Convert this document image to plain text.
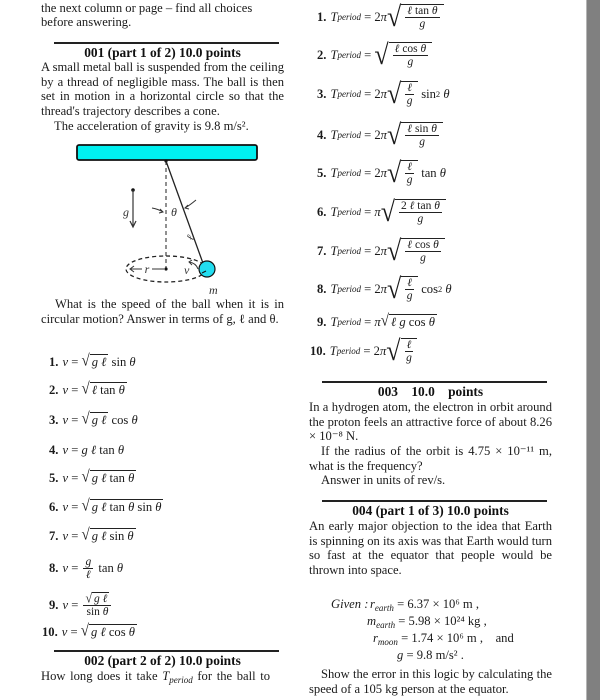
the next column or page – find all choices
before answering.
001 (part 1 of 2) 10.0 points
A small metal ball is suspended from the ceiling by a thread of negligible mass. The ball is then set in motion in a horizontal circle so that the thread's trajectory describes a cone.
The acceleration of gravity is 9.8 m/s².
r
g	θ
ℓ
v
m
What is the speed of the ball when it is in circular motion? Answer in terms of g, ℓ and θ.
1. v = √ g ℓ sin θ
2. v = √ ℓ tan θ
3. v = √ g ℓ cos θ
4. v = g ℓ tan θ
5. v = √ g ℓ tan θ
6. v = √ g ℓ tan θ sin θ
7. v = √ g ℓ sin θ
8. $v = \frac{g}{\text{ℓ}}$ tan θ
9. $v = \frac{\text{√ g ℓ}}{\text{sin θ}}$
10. v = √ g ℓ cos θ
002 (part 2 of 2) 10.0 points
How long does it take $T_{period}$ for the ball to
1. T period = 2 π √ $\frac{\text{ℓ tan θ}}{g}$
2. T period = √ $\frac{\text{ℓ cos θ}}{g}$
3. T period = 2 π √ $\frac{\text{ℓ}}{g}$ sin 2
θ
4. T period = 2 π √ $\frac{\text{ℓ sin θ}}{g}$
5. T period = 2 π √ $\frac{\text{ℓ}}{g}$ tan θ
6. T period = π √ $\frac{\text{2 ℓ tan θ}}{g}$
7. T period = 2 π √ $\frac{\text{ℓ cos θ}}{g}$
8. T period = 2 π √ $\frac{\text{ℓ}}{g}$ cos 2
θ
9. T period = π √ ℓ g cos θ
10. T period = 2 π √ $\frac{\text{ℓ}}{g}$
003 10.0 points
In a hydrogen atom, the electron in orbit around the proton feels an attractive force of about 8.26 × 10⁻⁸ N.
If the radius of the orbit is 4.75 × 10⁻¹¹ m, what is the frequency?
Answer in units of rev/s.
004 (part 1 of 3) 10.0 points
An early major objection to the idea that Earth is spinning on its axis was that Earth would turn so fast at the equator that people would be thrown into space.
Given : $r_{earth} = 6.37 \times 10^6$ m ,
$m_{earth} = 5.98 \times 10^{24}$ kg ,
$r_{moon} = 1.74 \times 10^6$ m , and
g = 9.8 m/s² .
Show the error in this logic by calculating the speed of a 105 kg person at the equator.
